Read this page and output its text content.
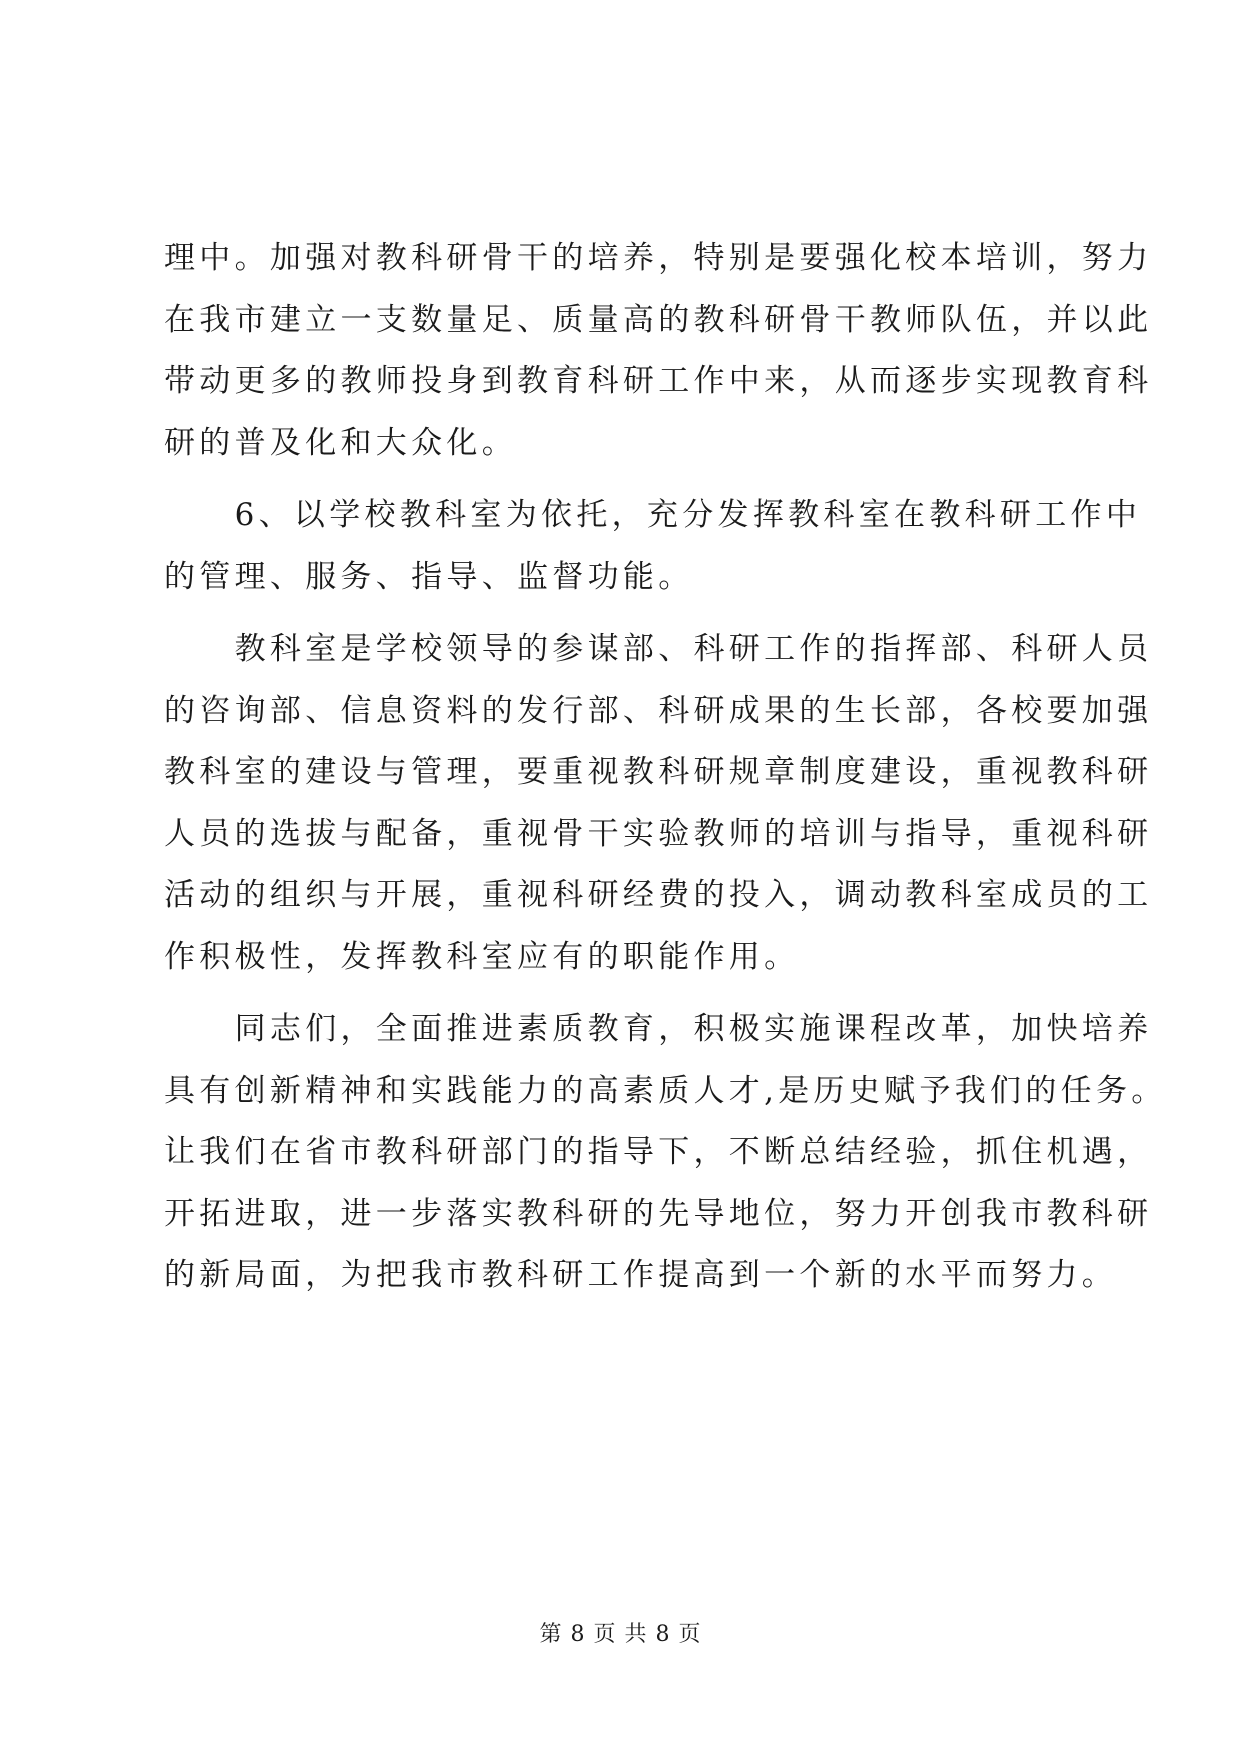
理中。加强对教科研骨干的培养，特别是要强化校本培训，努力

在我市建立一支数量足、质量高的教科研骨干教师队伍，并以此

带动更多的教师投身到教育科研工作中来，从而逐步实现教育科

研的普及化和大众化。

　　6、以学校教科室为依托，充分发挥教科室在教科研工作中

的管理、服务、指导、监督功能。

　　教科室是学校领导的参谋部、科研工作的指挥部、科研人员

的咨询部、信息资料的发行部、科研成果的生长部，各校要加强

教科室的建设与管理，要重视教科研规章制度建设，重视教科研

人员的选拔与配备，重视骨干实验教师的培训与指导，重视科研

活动的组织与开展，重视科研经费的投入，调动教科室成员的工

作积极性，发挥教科室应有的职能作用。

　　同志们，全面推进素质教育，积极实施课程改革，加快培养

具有创新精神和实践能力的高素质人才,是历史赋予我们的任务。

让我们在省市教科研部门的指导下，不断总结经验，抓住机遇，

开拓进取，进一步落实教科研的先导地位，努力开创我市教科研

的新局面，为把我市教科研工作提高到一个新的水平而努力。

第 8 页 共 8 页
